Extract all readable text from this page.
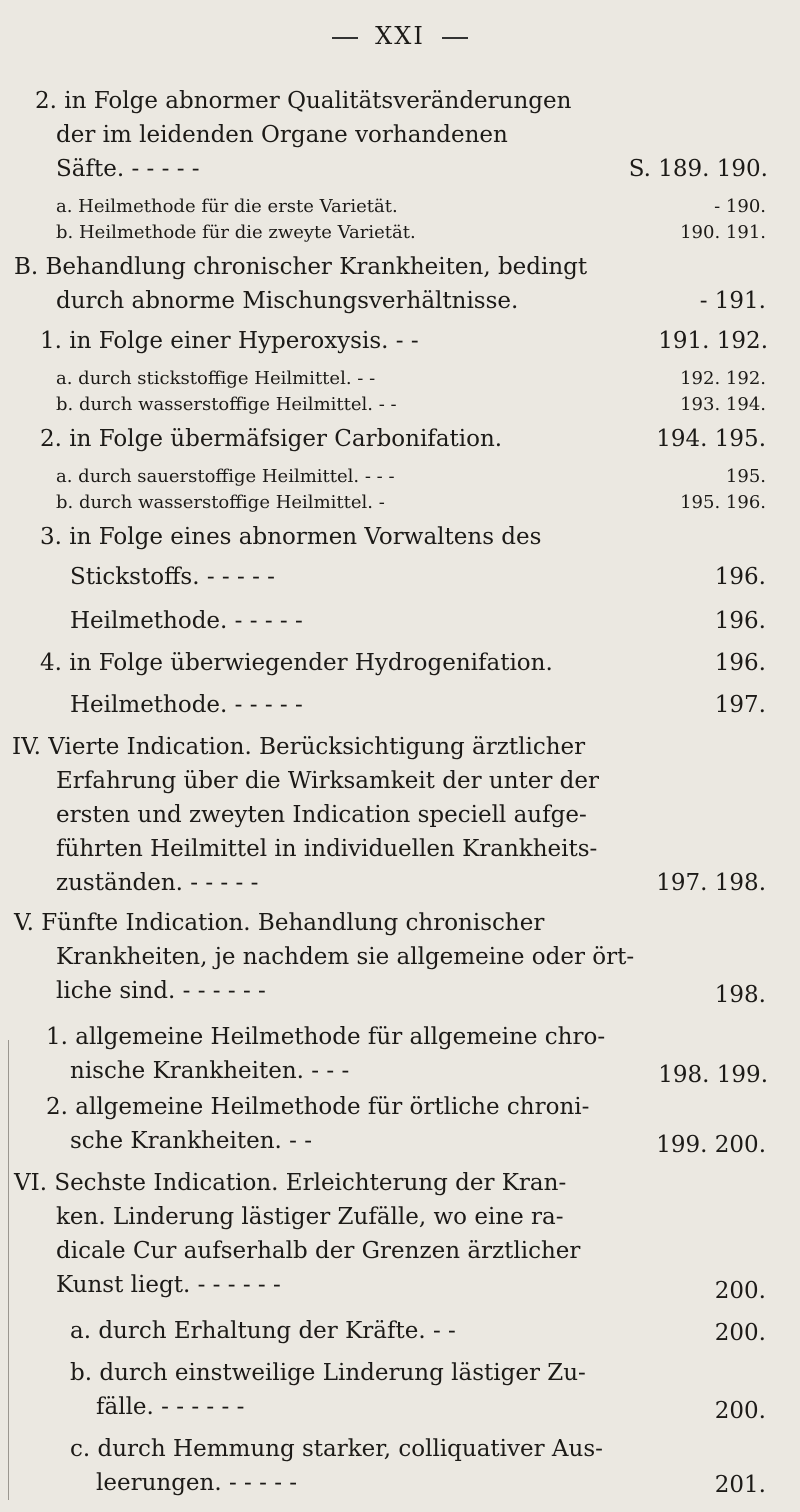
XXI
2. in Folge abnormer Qualitätsveränderungen
der im leidenden Organe vorhandenen
Säfte. - - - - -	S. 189. 190.
a. Heilmethode für die erste Varietät.	- 190.
b. Heilmethode für die zweyte Varietät.	190. 191.
B. Behandlung chronischer Krankheiten, bedingt
durch abnorme Mischungsverhältnisse.	- 191.
1. in Folge einer Hyperoxysis. - -	191. 192.
a. durch stickstoffige Heilmittel. - -	192. 192.
b. durch wasserstoffige Heilmittel. - -	193. 194.
2. in Folge übermäfsiger Carbonifation.	194. 195.
a. durch sauerstoffige Heilmittel. - - -	195.
b. durch wasserstoffige Heilmittel. -	195. 196.
3. in Folge eines abnormen Vorwaltens des
Stickstoffs. - - - - -	196.
Heilmethode. - - - - -	196.
4. in Folge überwiegender Hydrogenifation.	196.
Heilmethode. - - - - -	197.
IV. Vierte Indication. Berücksichtigung ärztlicher
Erfahrung über die Wirksamkeit der unter der
ersten und zweyten Indication speciell aufge-
führten Heilmittel in individuellen Krankheits-
zuständen. - - - - -	197. 198.
V. Fünfte Indication. Behandlung chronischer
Krankheiten, je nachdem sie allgemeine oder ört-
liche sind. - - - - - -	198.
1. allgemeine Heilmethode für allgemeine chro-
nische Krankheiten. - - -	198. 199.
2. allgemeine Heilmethode für örtliche chroni-
sche Krankheiten. - -	199. 200.
VI. Sechste Indication. Erleichterung der Kran-
ken. Linderung lästiger Zufälle, wo eine ra-
dicale Cur aufserhalb der Grenzen ärztlicher
Kunst liegt. - - - - - -	200.
a. durch Erhaltung der Kräfte. - -	200.
b. durch einstweilige Linderung lästiger Zu-
fälle. - - - - - -	200.
c. durch Hemmung starker, colliquativer Aus-
leerungen. - - - - -	201.
